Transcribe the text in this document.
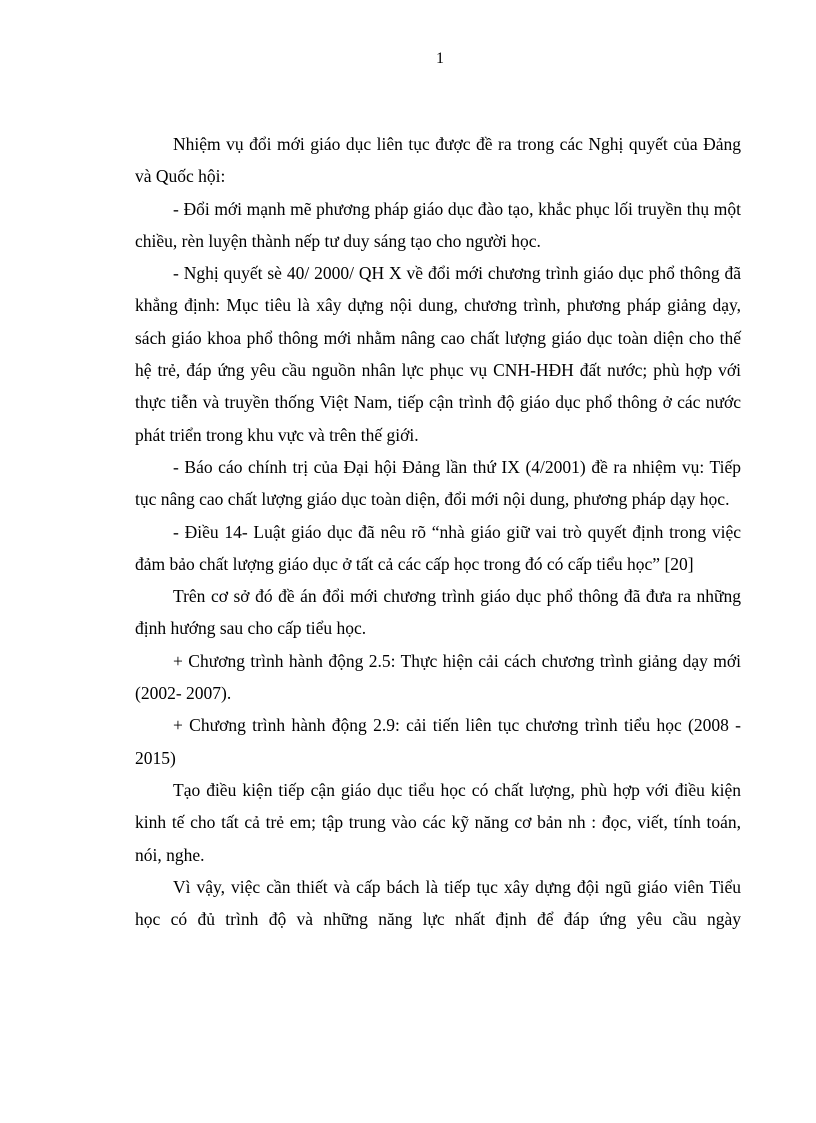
1

Nhiệm vụ đổi mới giáo dục liên tục được đề ra trong các Nghị quyết của Đảng và Quốc hội:

- Đổi mới mạnh mẽ phương pháp giáo dục đào tạo, khắc phục lối truyền thụ một chiều, rèn luyện thành nếp tư duy sáng tạo cho người học.

- Nghị quyết sè 40/ 2000/ QH X về đổi mới chương trình giáo dục phổ thông đã khẳng định: Mục tiêu là xây dựng nội dung, chương trình, phương pháp giảng dạy, sách giáo khoa phổ thông mới nhằm nâng cao chất lượng giáo dục toàn diện cho thế hệ trẻ, đáp ứng yêu cầu nguồn nhân lực phục vụ CNH-HĐH đất nước; phù hợp với thực tiễn và truyền thống Việt Nam, tiếp cận trình độ giáo dục phổ thông ở các nước phát triển trong khu vực và trên thế giới.

- Báo cáo chính trị của Đại hội Đảng lần thứ IX (4/2001) đề ra nhiệm vụ: Tiếp tục nâng cao chất lượng giáo dục toàn diện, đổi mới nội dung, phương pháp dạy học.

- Điều 14- Luật giáo dục đã nêu rõ “nhà giáo giữ vai trò quyết định trong việc đảm bảo chất lượng giáo dục ở tất cả các cấp học trong đó có cấp tiểu học” [20]

Trên cơ sở đó đề án đổi mới chương trình giáo dục phổ thông đã đưa ra những định hướng sau cho cấp tiểu học.

+ Chương trình hành động 2.5: Thực hiện cải cách chương trình giảng dạy mới (2002- 2007).

+ Chương trình hành động 2.9: cải tiến liên tục chương trình tiểu học (2008 - 2015)

Tạo điều kiện tiếp cận giáo dục tiểu học có chất lượng, phù hợp với điều kiện kinh tế cho tất cả trẻ em; tập trung vào các kỹ năng cơ bản nh : đọc, viết, tính toán, nói, nghe.

Vì vậy, việc cần thiết và cấp bách là tiếp tục xây dựng đội ngũ giáo viên Tiểu học có đủ trình độ và những năng lực nhất định để đáp ứng yêu cầu ngày
